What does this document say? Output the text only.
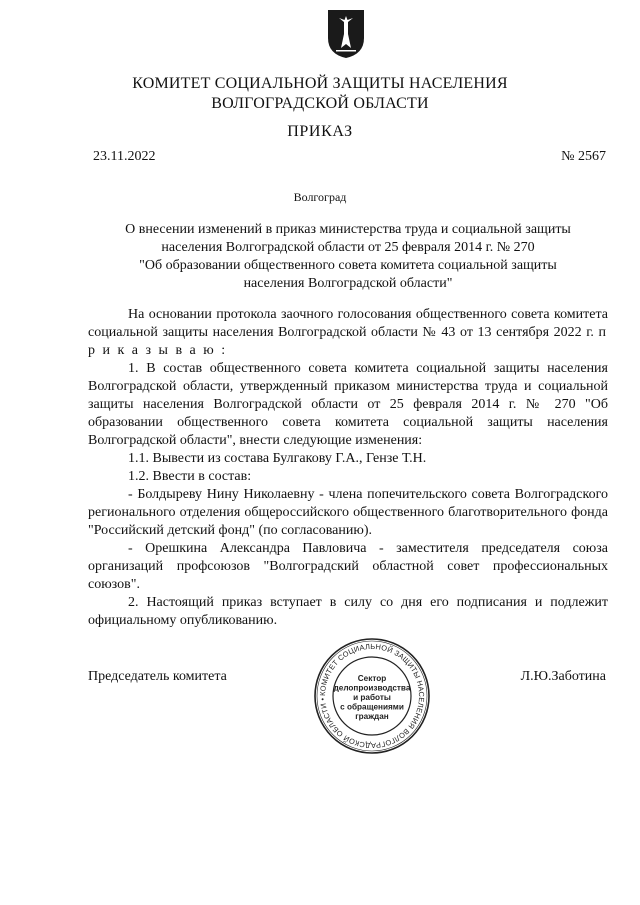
КОМИТЕТ СОЦИАЛЬНОЙ ЗАЩИТЫ НАСЕЛЕНИЯ
ВОЛГОГРАДСКОЙ ОБЛАСТИ
ПРИКАЗ
23.11.2022	№ 2567
Волгоград
О внесении изменений в приказ министерства труда и социальной защиты
населения Волгоградской области от 25 февраля 2014 г. № 270
"Об образовании общественного совета комитета социальной защиты
населения Волгоградской области"

На основании протокола заочного голосования общественного совета комитета социальной защиты населения Волгоградской области № 43 от 13 сентября 2022 г. п р и к а з ы в а ю :

1. В состав общественного совета комитета социальной защиты населения Волгоградской области, утвержденный приказом министерства труда и социальной защиты населения Волгоградской области от 25 февраля 2014 г. № 270 "Об образовании общественного совета комитета социальной защиты населения Волгоградской области", внести следующие изменения:

1.1. Вывести из состава Булгакову Г.А., Гензе Т.Н.

1.2. Ввести в состав:

- Болдыреву Нину Николаевну - члена попечительского совета Волгоградского регионального отделения общероссийского общественного благотворительного фонда "Российский детский фонд" (по согласованию).

- Орешкина Александра Павловича - заместителя председателя союза организаций профсоюзов "Волгоградский областной совет профессиональных союзов".

2. Настоящий приказ вступает в силу со дня его подписания и подлежит официальному опубликованию.

Председатель комитета	Л.Ю.Заботина
КОМИТЕТ СОЦИАЛЬНОЙ ЗАЩИТЫ НАСЕЛЕНИЯ ВОЛГОГРАДСКОЙ ОБЛАСТИ •
Сектор
делопроизводства
и работы
с обращениями
граждан
